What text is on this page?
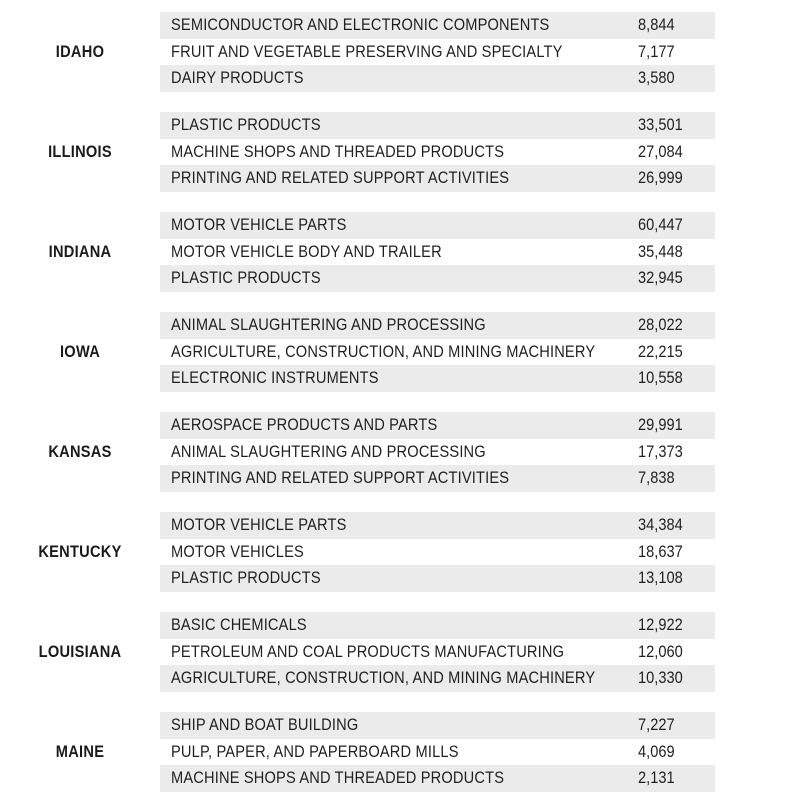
IDAHO
SEMICONDUCTOR AND ELECTRONIC COMPONENTS	8,844
FRUIT AND VEGETABLE PRESERVING AND SPECIALTY	7,177
DAIRY PRODUCTS	3,580
ILLINOIS
PLASTIC PRODUCTS	33,501
MACHINE SHOPS AND THREADED PRODUCTS	27,084
PRINTING AND RELATED SUPPORT ACTIVITIES	26,999
INDIANA
MOTOR VEHICLE PARTS	60,447
MOTOR VEHICLE BODY AND TRAILER	35,448
PLASTIC PRODUCTS	32,945
IOWA
ANIMAL SLAUGHTERING AND PROCESSING	28,022
AGRICULTURE, CONSTRUCTION, AND MINING MACHINERY	22,215
ELECTRONIC INSTRUMENTS	10,558
KANSAS
AEROSPACE PRODUCTS AND PARTS	29,991
ANIMAL SLAUGHTERING AND PROCESSING	17,373
PRINTING AND RELATED SUPPORT ACTIVITIES	7,838
KENTUCKY
MOTOR VEHICLE PARTS	34,384
MOTOR VEHICLES	18,637
PLASTIC PRODUCTS	13,108
LOUISIANA
BASIC CHEMICALS	12,922
PETROLEUM AND COAL PRODUCTS MANUFACTURING	12,060
AGRICULTURE, CONSTRUCTION, AND MINING MACHINERY	10,330
MAINE
SHIP AND BOAT BUILDING	7,227
PULP, PAPER, AND PAPERBOARD MILLS	4,069
MACHINE SHOPS AND THREADED PRODUCTS	2,131
